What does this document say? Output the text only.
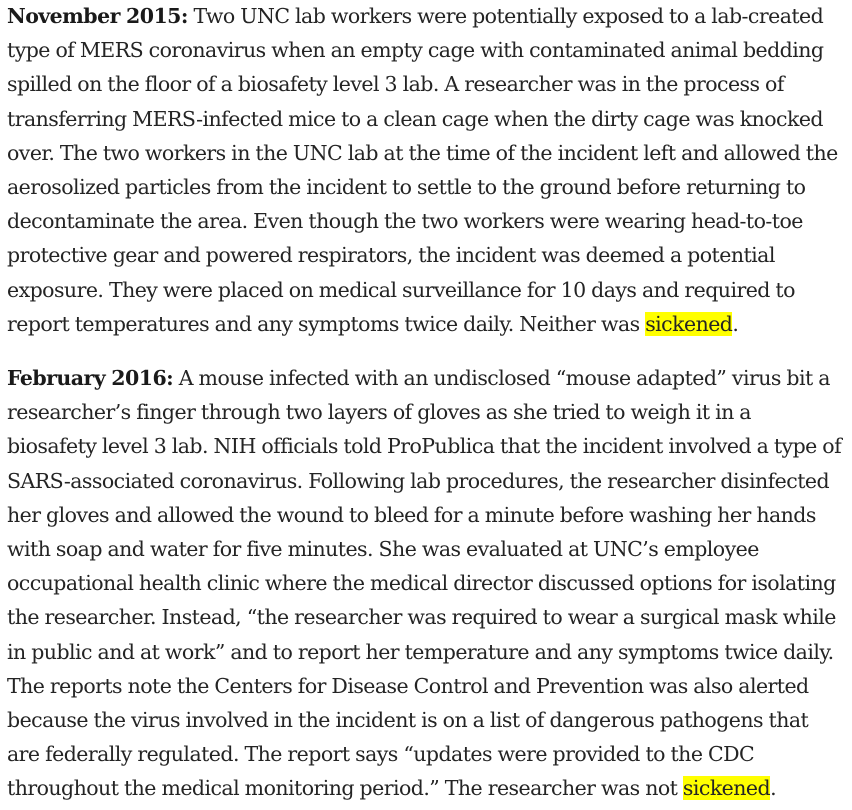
November 2015: Two UNC lab workers were potentially exposed to a lab-created type of MERS coronavirus when an empty cage with contaminated animal bedding spilled on the floor of a biosafety level 3 lab. A researcher was in the process of transferring MERS-infected mice to a clean cage when the dirty cage was knocked over. The two workers in the UNC lab at the time of the incident left and allowed the aerosolized particles from the incident to settle to the ground before returning to decontaminate the area. Even though the two workers were wearing head-to-toe protective gear and powered respirators, the incident was deemed a potential exposure. They were placed on medical surveillance for 10 days and required to report temperatures and any symptoms twice daily. Neither was sickened.

February 2016: A mouse infected with an undisclosed “mouse adapted” virus bit a researcher’s finger through two layers of gloves as she tried to weigh it in a biosafety level 3 lab. NIH officials told ProPublica that the incident involved a type of SARS-associated coronavirus. Following lab procedures, the researcher disinfected her gloves and allowed the wound to bleed for a minute before washing her hands with soap and water for five minutes. She was evaluated at UNC’s employee occupational health clinic where the medical director discussed options for isolating the researcher. Instead, “the researcher was required to wear a surgical mask while in public and at work” and to report her temperature and any symptoms twice daily. The reports note the Centers for Disease Control and Prevention was also alerted because the virus involved in the incident is on a list of dangerous pathogens that are federally regulated. The report says “updates were provided to the CDC throughout the medical monitoring period.” The researcher was not sickened.
